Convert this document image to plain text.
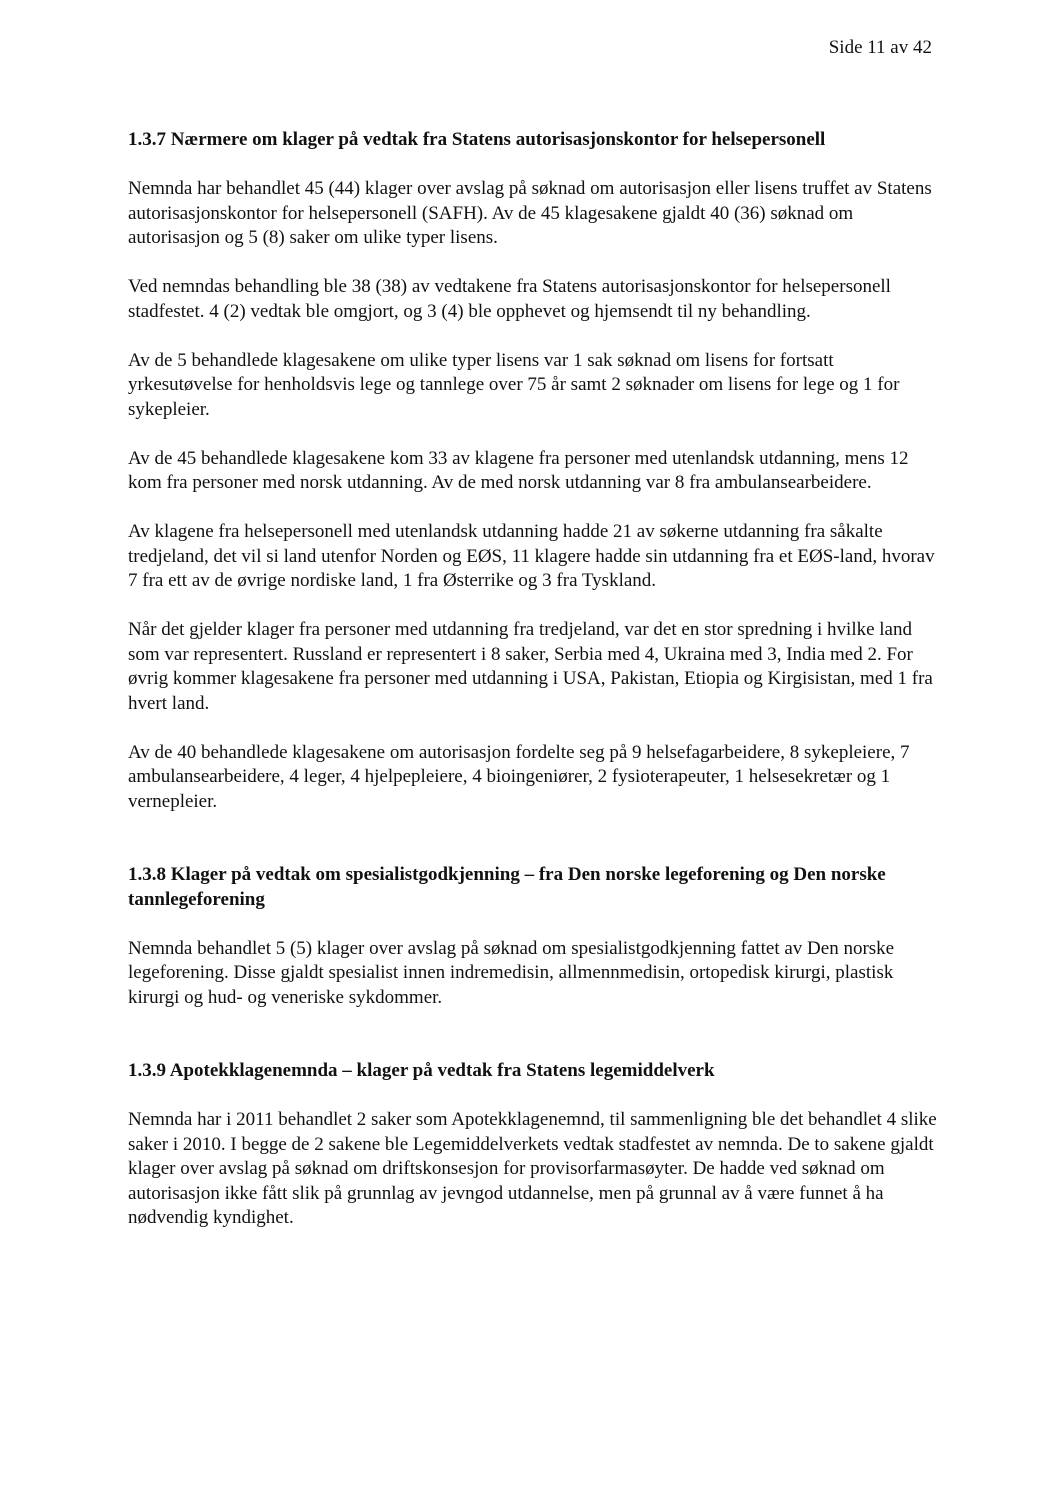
Side 11 av 42

1.3.7 Nærmere om klager på vedtak fra Statens autorisasjonskontor for helsepersonell

Nemnda har behandlet 45 (44) klager over avslag på søknad om autorisasjon eller lisens truffet av Statens autorisasjonskontor for helsepersonell (SAFH). Av de 45 klagesakene gjaldt 40 (36) søknad om autorisasjon og 5 (8) saker om ulike typer lisens.

Ved nemndas behandling ble 38 (38) av vedtakene fra Statens autorisasjonskontor for helsepersonell stadfestet. 4 (2) vedtak ble omgjort, og 3 (4) ble opphevet og hjemsendt til ny behandling.

Av de 5 behandlede klagesakene om ulike typer lisens var 1 sak søknad om lisens for fortsatt yrkesutøvelse for henholdsvis lege og tannlege over 75 år samt 2 søknader om lisens for lege og 1 for sykepleier.

Av de 45 behandlede klagesakene kom 33 av klagene fra personer med utenlandsk utdanning, mens 12 kom fra personer med norsk utdanning. Av de med norsk utdanning var 8 fra ambulansearbeidere.

Av klagene fra helsepersonell med utenlandsk utdanning hadde 21 av søkerne utdanning fra såkalte tredjeland, det vil si land utenfor Norden og EØS, 11 klagere hadde sin utdanning fra et EØS-land, hvorav 7 fra ett av de øvrige nordiske land, 1 fra Østerrike og 3 fra Tyskland.

Når det gjelder klager fra personer med utdanning fra tredjeland, var det en stor spredning i hvilke land som var representert. Russland er representert i 8 saker, Serbia med 4, Ukraina med 3, India med 2. For øvrig kommer klagesakene fra personer med utdanning i USA, Pakistan, Etiopia og Kirgisistan, med 1 fra hvert land.

Av de 40 behandlede klagesakene om autorisasjon fordelte seg på 9 helsefagarbeidere, 8 sykepleiere, 7 ambulansearbeidere, 4 leger, 4 hjelpepleiere, 4 bioingeniører, 2 fysioterapeuter, 1 helsesekretær og 1 vernepleier.

1.3.8 Klager på vedtak om spesialistgodkjenning – fra Den norske legeforening og Den norske tannlegeforening

Nemnda behandlet 5 (5) klager over avslag på søknad om spesialistgodkjenning fattet av Den norske legeforening. Disse gjaldt spesialist innen indremedisin, allmennmedisin, ortopedisk kirurgi, plastisk kirurgi og hud- og veneriske sykdommer.

1.3.9 Apotekklagenemnda – klager på vedtak fra Statens legemiddelverk

Nemnda har i 2011 behandlet 2 saker som Apotekklagenemnd, til sammenligning ble det behandlet 4 slike saker i 2010. I begge de 2 sakene ble Legemiddelverkets vedtak stadfestet av nemnda. De to sakene gjaldt klager over avslag på søknad om driftskonsesjon for provisorfarmasøyter. De hadde ved søknad om autorisasjon ikke fått slik på grunnlag av jevngod utdannelse, men på grunnal av å være funnet å ha nødvendig kyndighet.
